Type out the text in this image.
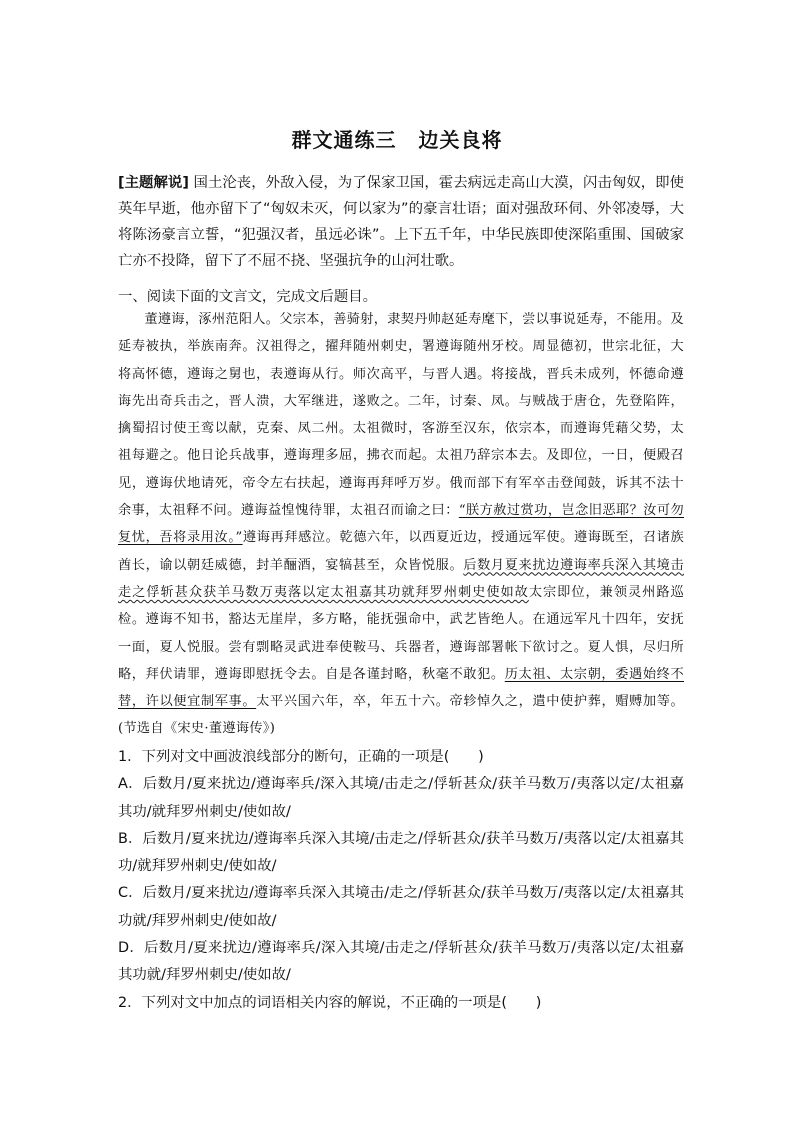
群文通练三 边关良将
[主题解说] 国土沦丧，外敌入侵，为了保家卫国，霍去病远走高山大漠，闪击匈奴，即使英年早逝，他亦留下了“匈奴未灭，何以家为”的豪言壮语；面对强敌环伺、外邻凌辱，大将陈汤豪言立誓，“犯强汉者，虽远必诛”。上下五千年，中华民族即使深陷重围、国破家亡亦不投降，留下了不屈不挠、坚强抗争的山河壮歌。
一、阅读下面的文言文，完成文后题目。
董遵诲，涿州范阳人。父宗本，善骑射，隶契丹帅赵延寿麾下，尝以事说延寿，不能用。及延寿被执，举族南奔。汉祖得之，擢拜随州刺史，署遵诲随州牙校。周显德初，世宗北征，大将高怀德，遵诲之舅也，表遵诲从行。师次高平，与晋人遇。将接战，晋兵未成列，怀德命遵诲先出奇兵击之，晋人溃，大军继进，遂败之。二年，讨秦、凤。与贼战于唐仓，先登陷阵，擒蜀招讨使王鸾以献，克秦、凤二州。太祖微时，客游至汉东，依宗本，而遵诲凭藉父势，太祖每避之。他日论兵战事，遵诲理多屈，拂衣而起。太祖乃辞宗本去。及即位，一日，便殿召见，遵诲伏地请死，帝令左右扶起，遵诲再拜呼万岁。俄而部下有军卒击登闻鼓，诉其不法十余事，太祖释不问。遵诲益惶愧待罪，太祖召而谕之曰：“朕方赦过赏功，岂念旧恶耶？汝可勿复忧，吾将录用汝。”遵诲再拜感泣。乾德六年，以西夏近边，授通远军使。遵诲既至，召诸族酋长，谕以朝廷威德，封羊酾酒，宴犒甚至，众皆悦服。后数月夏来扰边遵诲率兵深入其境击走之俘斩甚众获羊马数万夷落以定太祖嘉其功就拜罗州刺史使如故太宗即位，兼领灵州路巡检。遵诲不知书，豁达无崖岸，多方略，能抚强命中，武艺皆绝人。在通远军凡十四年，安抚一面，夏人悦服。尝有剽略灵武进奉使鞍马、兵器者，遵诲部署帐下欲讨之。夏人惧，尽归所略，拜伏请罪，遵诲即慰抚令去。自是各谨封略，秋毫不敢犯。历太祖、太宗朝，委遇始终不替，许以便宜制军事。太平兴国六年，卒，年五十六。帝轸悼久之，遣中使护葬，赗赙加等。(节选自《宋史·董遵诲传》)

1．下列对文中画波浪线部分的断句，正确的一项是(　　)

A．后数月/夏来扰边/遵诲率兵/深入其境/击走之/俘斩甚众/获羊马数万/夷落以定/太祖嘉其功/就拜罗州刺史/使如故/

B．后数月/夏来扰边/遵诲率兵深入其境/击走之/俘斩甚众/获羊马数万/夷落以定/太祖嘉其功/就拜罗州刺史/使如故/

C．后数月/夏来扰边/遵诲率兵深入其境击/走之/俘斩甚众/获羊马数万/夷落以定/太祖嘉其功就/拜罗州刺史/使如故/

D．后数月/夏来扰边/遵诲率兵/深入其境/击走之/俘斩甚众/获羊马数万/夷落以定/太祖嘉其功就/拜罗州刺史/使如故/

2．下列对文中加点的词语相关内容的解说，不正确的一项是(　　)
